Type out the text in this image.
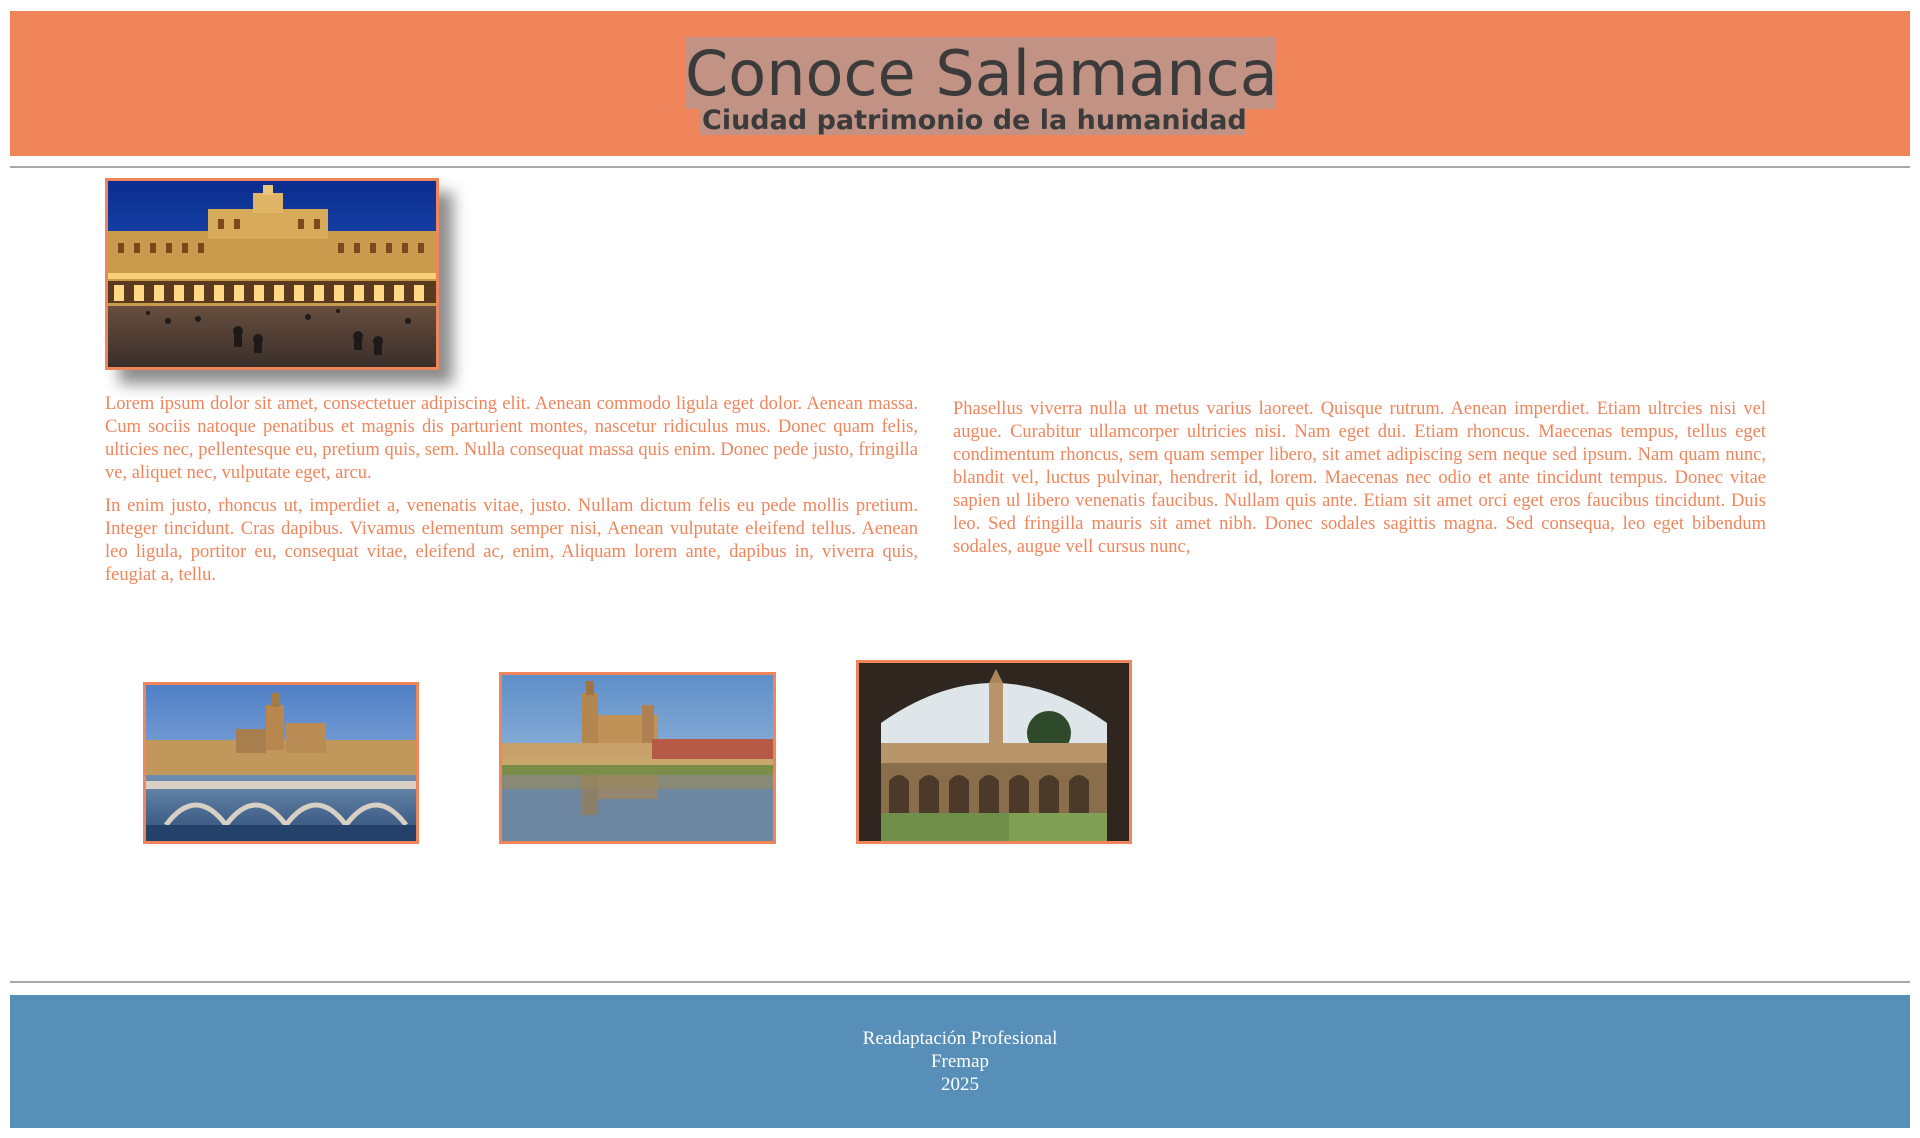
Conoce Salamanca
Ciudad patrimonio de la humanidad

Lorem ipsum dolor sit amet, consectetuer adipiscing elit. Aenean commodo ligula eget dolor. Aenean massa. Cum sociis natoque penatibus et magnis dis parturient montes, nascetur ridiculus mus. Donec quam felis, ulticies nec, pellentesque eu, pretium quis, sem. Nulla consequat massa quis enim. Donec pede justo, fringilla ve, aliquet nec, vulputate eget, arcu.

In enim justo, rhoncus ut, imperdiet a, venenatis vitae, justo. Nullam dictum felis eu pede mollis pretium. Integer tincidunt. Cras dapibus. Vivamus elementum semper nisi, Aenean vulputate eleifend tellus. Aenean leo ligula, portitor eu, consequat vitae, eleifend ac, enim, Aliquam lorem ante, dapibus in, viverra quis, feugiat a, tellu.

Phasellus viverra nulla ut metus varius laoreet. Quisque rutrum. Aenean imperdiet. Etiam ultrcies nisi vel augue. Curabitur ullamcorper ultricies nisi. Nam eget dui. Etiam rhoncus. Maecenas tempus, tellus eget condimentum rhoncus, sem quam semper libero, sit amet adipiscing sem neque sed ipsum. Nam quam nunc, blandit vel, luctus pulvinar, hendrerit id, lorem. Maecenas nec odio et ante tincidunt tempus. Donec vitae sapien ul libero venenatis faucibus. Nullam quis ante. Etiam sit amet orci eget eros faucibus tincidunt. Duis leo. Sed fringilla mauris sit amet nibh. Donec sodales sagittis magna. Sed consequa, leo eget bibendum sodales, augue vell cursus nunc,

Readaptación Profesional
Fremap
2025
